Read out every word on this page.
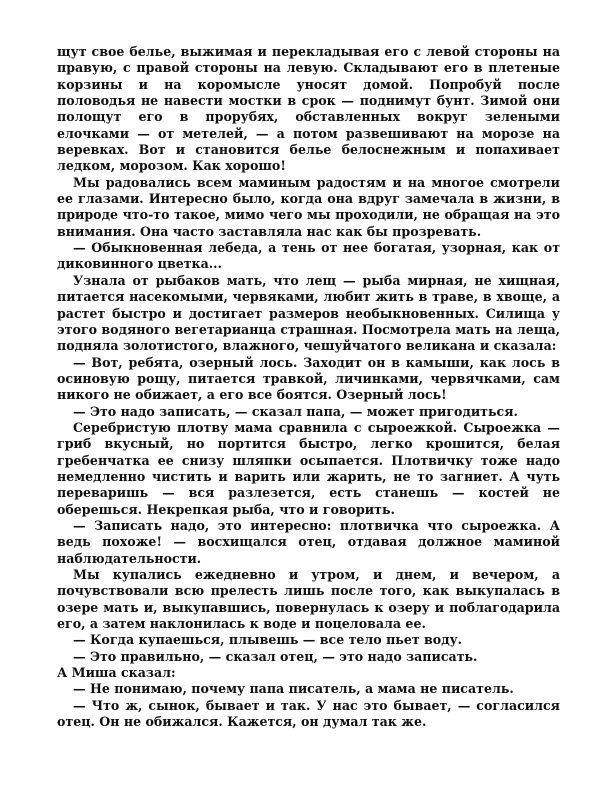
щут свое белье, выжимая и перекладывая его с левой стороны на правую, с правой стороны на левую. Складывают его в плетеные корзины и на коромысле уносят домой. Попробуй после половодья не навести мостки в срок — поднимут бунт. Зимой они полощут его в прорубях, обставленных вокруг зелеными елочками — от метелей, — а потом развешивают на морозе на веревках. Вот и становится белье белоснежным и попахивает ледком, морозом. Как хорошо!

Мы радовались всем маминым радостям и на многое смотрели ее глазами. Интересно было, когда она вдруг замечала в жизни, в природе что-то такое, мимо чего мы проходили, не обращая на это внимания. Она часто заставляла нас как бы прозревать.

— Обыкновенная лебеда, а тень от нее богатая, узорная, как от диковинного цветка...

Узнала от рыбаков мать, что лещ — рыба мирная, не хищная, питается насекомыми, червяками, любит жить в траве, в хвоще, а растет быстро и достигает размеров необыкновенных. Силища у этого водяного вегетарианца страшная. Посмотрела мать на леща, подняла золотистого, влажного, чешуйчатого великана и сказала:

— Вот, ребята, озерный лось. Заходит он в камыши, как лось в осиновую рощу, питается травкой, личинками, червячками, сам никого не обижает, а его все боятся. Озерный лось!

— Это надо записать, — сказал папа, — может пригодиться.

Серебристую плотву мама сравнила с сыроежкой. Сыроежка — гриб вкусный, но портится быстро, легко крошится, белая гребенчатка ее снизу шляпки осыпается. Плотвичку тоже надо немедленно чистить и варить или жарить, не то загниет. А чуть переваришь — вся разлезется, есть станешь — костей не оберешься. Некрепкая рыба, что и говорить.

— Записать надо, это интересно: плотвичка что сыроежка. А ведь похоже! — восхищался отец, отдавая должное маминой наблюдательности.

Мы купались ежедневно и утром, и днем, и вечером, а почувствовали всю прелесть лишь после того, как выкупалась в озере мать и, выкупавшись, повернулась к озеру и поблагодарила его, а затем наклонилась к воде и поцеловала ее.

— Когда купаешься, плывешь — все тело пьет воду.

— Это правильно, — сказал отец, — это надо записать.

А Миша сказал:

— Не понимаю, почему папа писатель, а мама не писатель.

— Что ж, сынок, бывает и так. У нас это бывает, — согласился отец. Он не обижался. Кажется, он думал так же.
